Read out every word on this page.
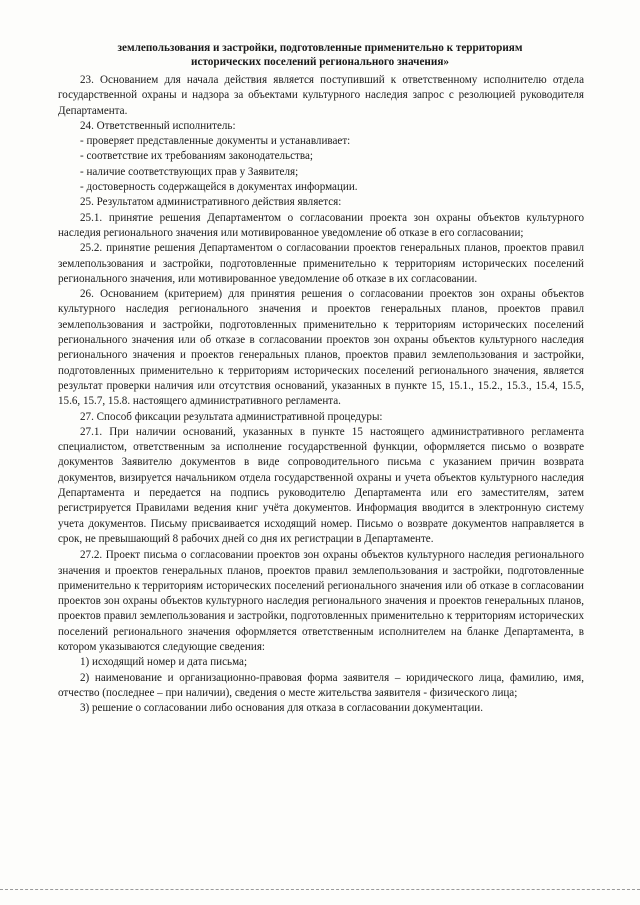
землепользования и застройки, подготовленные применительно к территориям
исторических поселений регионального значения»

23. Основанием для начала действия является поступивший к ответственному исполнителю отдела государственной охраны и надзора за объектами культурного наследия запрос с резолюцией руководителя Департамента.

24. Ответственный исполнитель:

- проверяет представленные документы и устанавливает:

- соответствие их требованиям законодательства;

- наличие соответствующих прав у Заявителя;

- достоверность содержащейся в документах информации.

25. Результатом административного действия является:

25.1. принятие решения Департаментом о согласовании проекта зон охраны объектов культурного наследия регионального значения или мотивированное уведомление об отказе в его согласовании;

25.2. принятие решения Департаментом о согласовании проектов генеральных планов, проектов правил землепользования и застройки, подготовленные применительно к территориям исторических поселений регионального значения, или мотивированное уведомление об отказе в их согласовании.

26. Основанием (критерием) для принятия решения о согласовании проектов зон охраны объектов культурного наследия регионального значения и проектов генеральных планов, проектов правил землепользования и застройки, подготовленных применительно к территориям исторических поселений регионального значения или об отказе в согласовании проектов зон охраны объектов культурного наследия регионального значения и проектов генеральных планов, проектов правил землепользования и застройки, подготовленных применительно к территориям исторических поселений регионального значения, является результат проверки наличия или отсутствия оснований, указанных в пункте 15, 15.1., 15.2., 15.3., 15.4, 15.5, 15.6, 15.7, 15.8. настоящего административного регламента.

27. Способ фиксации результата административной процедуры:

27.1. При наличии оснований, указанных в пункте 15 настоящего административного регламента специалистом, ответственным за исполнение государственной функции, оформляется письмо о возврате документов Заявителю документов в виде сопроводительного письма с указанием причин возврата документов, визируется начальником отдела государственной охраны и учета объектов культурного наследия Департамента и передается на подпись руководителю Департамента или его заместителям, затем регистрируется Правилами ведения книг учёта документов. Информация вводится в электронную систему учета документов. Письму присваивается исходящий номер. Письмо о возврате документов направляется в срок, не превышающий 8 рабочих дней со дня их регистрации в Департаменте.

27.2. Проект письма о согласовании проектов зон охраны объектов культурного наследия регионального значения и проектов генеральных планов, проектов правил землепользования и застройки, подготовленные применительно к территориям исторических поселений регионального значения или об отказе в согласовании проектов зон охраны объектов культурного наследия регионального значения и проектов генеральных планов, проектов правил землепользования и застройки, подготовленных применительно к территориям исторических поселений регионального значения оформляется ответственным исполнителем на бланке Департамента, в котором указываются следующие сведения:

1) исходящий номер и дата письма;

2) наименование и организационно-правовая форма заявителя – юридического лица, фамилию, имя, отчество (последнее – при наличии), сведения о месте жительства заявителя - физического лица;

3) решение о согласовании либо основания для отказа в согласовании документации.
